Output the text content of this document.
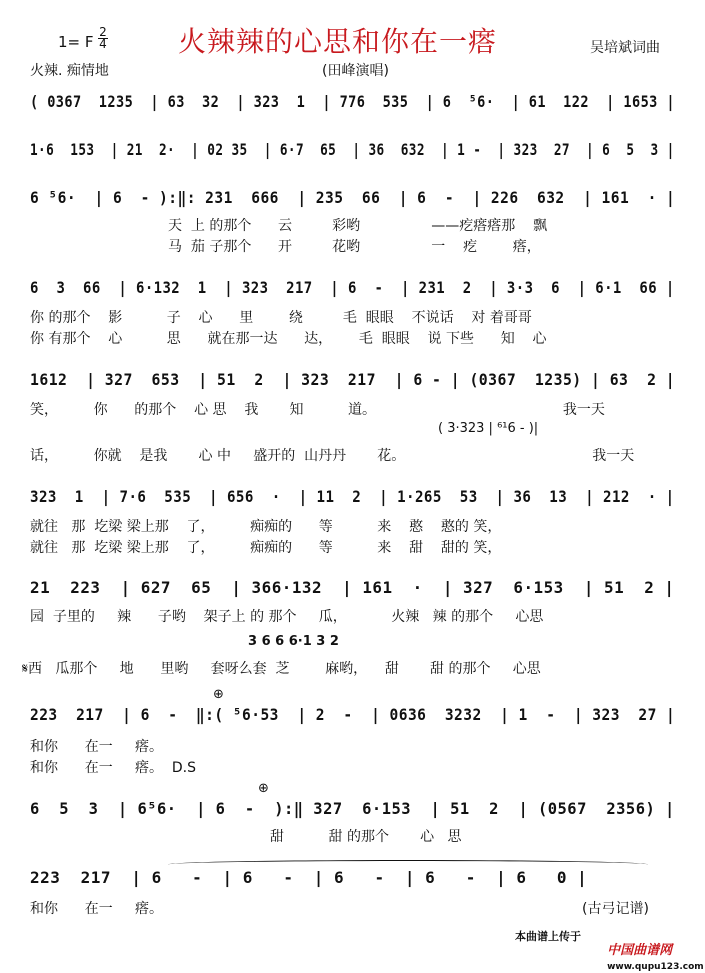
1= F
2
4	火辣辣的心思和你在一瘩	吴培斌词曲
火辣. 痴情地	(田峰演唱)
( 0367  1235  | 63  32  | 323  1  | 776  535  | 6  ⁵6·  | 61  122  | 1653 |
1·6  153  | 21  2·  | 02 35  | 6·7  65  | 36  632  | 1 -  | 323  27  | 6  5  3 |
6 ⁵6·  | 6  - ):‖: 231  666  | 235  66  | 6  -  | 226  632  | 161  · |
天  上 的那个      云         彩哟                ——疙瘩瘩那    飘
马  茄 子那个      开         花哟                一    疙        瘩，
6  3  66  | 6·132  1  | 323  217  | 6  -  | 231  2  | 3·3  6  | 6·1  66 |
你 的那个    影          子    心      里        绕         毛  眼眼    不说话    对 着哥哥
你 有那个    心          思      就在那一达      达，      毛  眼眼    说 下些      知    心
1612  | 327  653  | 51  2  | 323  217  | 6 - | (0367  1235) | 63  2 |
笑，        你      的那个    心 思    我       知          道。                                          我一天
( 3·323 | ⁶¹6 - )|
话，        你就    是我       心 中     盛开的  山丹丹       花。                                          我一天
323  1  | 7·6  535  | 656  ·  | 11  2  | 1·265  53  | 36  13  | 212  · |
就往   那  圪梁 梁上那    了，        痴痴的      等          来    憨    憨的 笑，
就往   那  圪梁 梁上那    了，        痴痴的      等          来    甜    甜的 笑，
21  223  | 627  65  | 366·132  | 161  ·  | 327  6·153  | 51  2 |
园  子里的     辣      子哟    架子上 的 那个     瓜，          火辣   辣 的那个     心思
3 6 6 6·1 3 2
𝄋西   瓜那个     地      里哟     套呀么套  芝        麻哟，    甜       甜 的那个     心思
⊕
223  217  | 6  -  ‖:( ⁵6·53  | 2  -  | 0636  3232  | 1  -  | 323  27 |
和你      在一     瘩。
和你      在一     瘩。  D.S
⊕
6  5  3  | 6⁵6·  | 6  -  ):‖ 327  6·153  | 51  2  | (0567  2356) |
甜          甜 的那个       心   思
223  217  | 6   -  | 6   -  | 6   -  | 6   -  | 6   0 |
和你      在一     瘩。	(古弓记谱)
本曲谱上传于

中国曲谱网
www.qupu123.com
